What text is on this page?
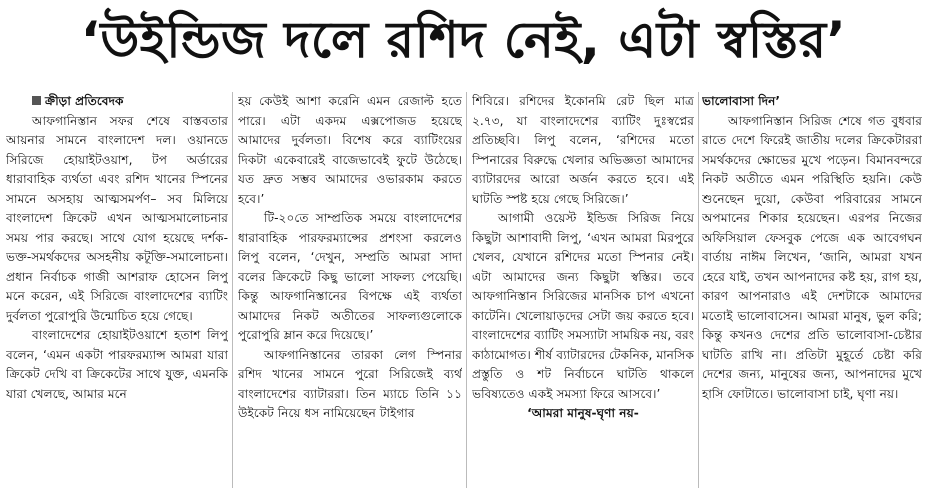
‘উইন্ডিজ দলে রশিদ নেই, এটা স্বস্তির’

ক্রীড়া প্রতিবেদক

আফগানিস্তান সফর শেষে বাস্তবতার আয়নার সামনে বাংলাদেশ দল। ওয়ানডে সিরিজে হোয়াইটওয়াশ, টপ অর্ডারের ধারাবাহিক ব্যর্থতা এবং রশিদ খানের স্পিনের সামনে অসহায় আত্মসমর্পণ– সব মিলিয়ে বাংলাদেশ ক্রিকেট এখন আত্মসমালোচনার সময় পার করছে। সাথে যোগ হয়েছে দর্শক-ভক্ত-সমর্থকদের অসহনীয় কটূক্তি-সমালোচনা। প্রধান নির্বাচক গাজী আশরাফ হোসেন লিপু মনে করেন, এই সিরিজে বাংলাদেশের ব্যাটিং দুর্বলতা পুরোপুরি উন্মোচিত হয়ে গেছে।

বাংলাদেশের হোয়াইটওয়াশে হতাশ লিপু বলেন, ‘এমন একটা পারফরম্যান্স আমরা যারা ক্রিকেট দেখি বা ক্রিকেটের সাথে যুক্ত, এমনকি যারা খেলছে, আমার মনে

হয় কেউই আশা করেনি এমন রেজাল্ট হতে পারে। এটা একদম এক্সপোজড হয়েছে আমাদের দুর্বলতা। বিশেষ করে ব্যাটিংয়ের দিকটা একেবারেই বাজেভাবেই ফুটে উঠেছে। যত দ্রুত সম্ভব আমাদের ওভারকাম করতে হবে।’

টি-২০তে সাম্প্রতিক সময়ে বাংলাদেশের ধারাবাহিক পারফরম্যান্সের প্রশংসা করলেও লিপু বলেন, ‘দেখুন, সম্প্রতি আমরা সাদা বলের ক্রিকেটে কিছু ভালো সাফল্য পেয়েছি। কিন্তু আফগানিস্তানের বিপক্ষে এই ব্যর্থতা আমাদের নিকট অতীতের সাফল্যগুলোকে পুরোপুরি ম্লান করে দিয়েছে।’

আফগানিস্তানের তারকা লেগ স্পিনার রশিদ খানের সামনে পুরো সিরিজেই ব্যর্থ বাংলাদেশের ব্যাটাররা। তিন ম্যাচে তিনি ১১ উইকেট নিয়ে ধস নামিয়েছেন টাইগার

শিবিরে। রশিদের ইকোনমি রেট ছিল মাত্র ২.৭৩, যা বাংলাদেশের ব্যাটিং দুঃস্বপ্নের প্রতিচ্ছবি। লিপু বলেন, ‘রশিদের মতো স্পিনারের বিরুদ্ধে খেলার অভিজ্ঞতা আমাদের ব্যাটারদের আরো অর্জন করতে হবে। এই ঘাটতি স্পষ্ট হয়ে গেছে সিরিজে।’

আগামী ওয়েস্ট ইন্ডিজ সিরিজ নিয়ে কিছুটা আশাবাদী লিপু, ‘এখন আমরা মিরপুরে খেলব, যেখানে রশিদের মতো স্পিনার নেই। এটা আমাদের জন্য কিছুটা স্বস্তির। তবে আফগানিস্তান সিরিজের মানসিক চাপ এখনো কাটেনি। খেলোয়াড়দের সেটা জয় করতে হবে। বাংলাদেশের ব্যাটিং সমস্যাটা সাময়িক নয়, বরং কাঠামোগত। শীর্ষ ব্যাটারদের টেকনিক, মানসিক প্রস্তুতি ও শট নির্বাচনে ঘাটতি থাকলে ভবিষ্যতেও একই সমস্যা ফিরে আসবে।’

‘আমরা মানুষ-ঘৃণা নয়-

ভালোবাসা দিন’

আফগানিস্তান সিরিজ শেষে গত বুধবার রাতে দেশে ফিরেই জাতীয় দলের ক্রিকেটাররা সমর্থকদের ক্ষোভের মুখে পড়েন। বিমানবন্দরে নিকট অতীতে এমন পরিস্থিতি হয়নি। কেউ শুনেছেন দুয়ো, কেউবা পরিবারের সামনে অপমানের শিকার হয়েছেন। এরপর নিজের অফিসিয়াল ফেসবুক পেজে এক আবেগঘন বার্তায় নাঈম লিখেন, ‘জানি, আমরা যখন হেরে যাই, তখন আপনাদের কষ্ট হয়, রাগ হয়, কারণ আপনারাও এই দেশটাকে আমাদের মতোই ভালোবাসেন। আমরা মানুষ, ভুল করি; কিন্তু কখনও দেশের প্রতি ভালোবাসা-চেষ্টার ঘাটতি রাখি না। প্রতিটা মুহূর্তে চেষ্টা করি দেশের জন্য, মানুষের জন্য, আপনাদের মুখে হাসি ফোটাতে। ভালোবাসা চাই, ঘৃণা নয়।
